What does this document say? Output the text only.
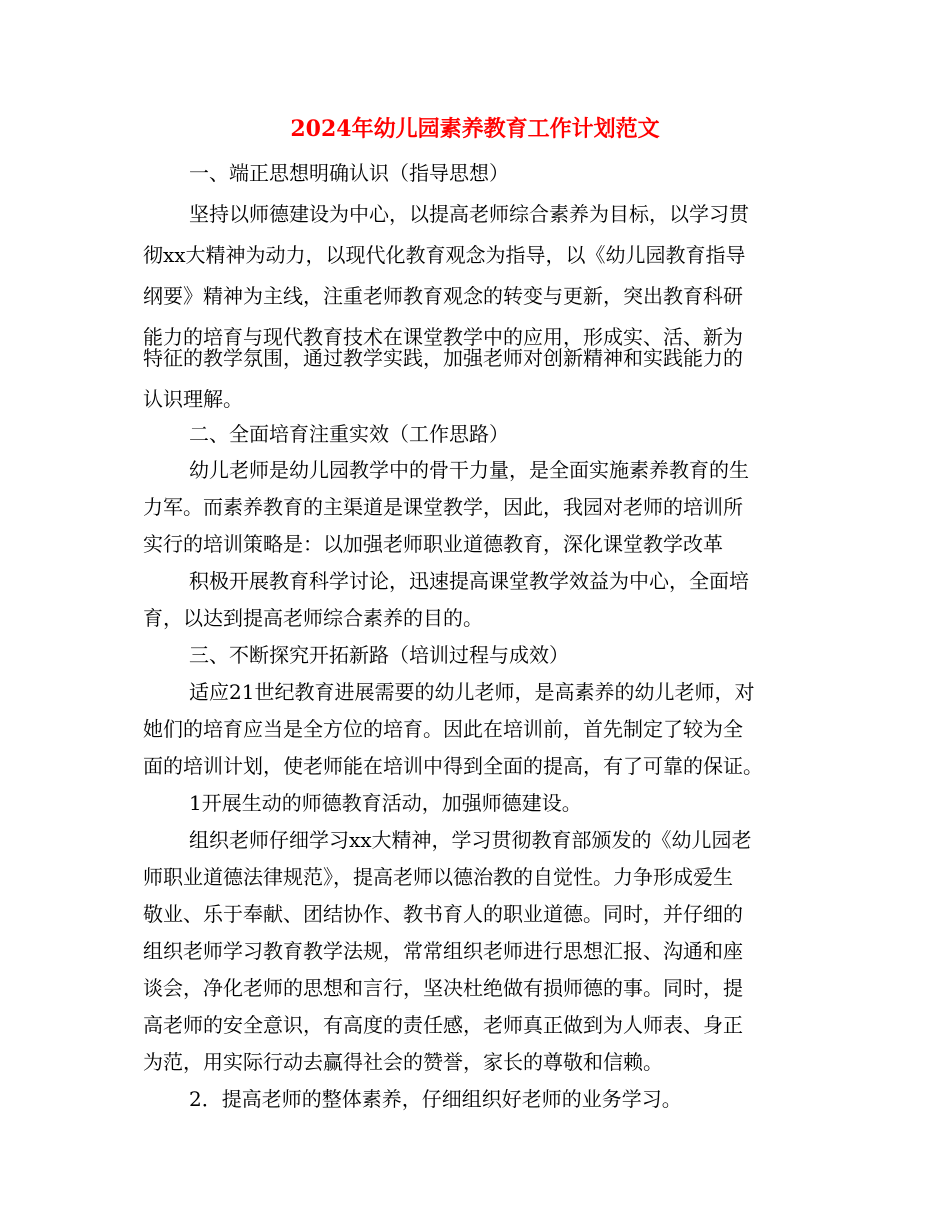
2024年幼儿园素养教育工作计划范文
一、端正思想明确认识（指导思想）
坚持以师德建设为中心，以提高老师综合素养为目标，以学习贯
彻xx大精神为动力，以现代化教育观念为指导，以《幼儿园教育指导
纲要》精神为主线，注重老师教育观念的转变与更新，突出教育科研
能力的培育与现代教育技术在课堂教学中的应用，形成实、活、新为
特征的教学氛围，通过教学实践，加强老师对创新精神和实践能力的
认识理解。
二、全面培育注重实效（工作思路）
幼儿老师是幼儿园教学中的骨干力量，是全面实施素养教育的生
力军。而素养教育的主渠道是课堂教学，因此，我园对老师的培训所
实行的培训策略是：以加强老师职业道德教育，深化课堂教学改革
积极开展教育科学讨论，迅速提高课堂教学效益为中心，全面培
育，以达到提高老师综合素养的目的。
三、不断探究开拓新路（培训过程与成效）
适应21世纪教育进展需要的幼儿老师，是高素养的幼儿老师，对
她们的培育应当是全方位的培育。因此在培训前，首先制定了较为全
面的培训计划，使老师能在培训中得到全面的提高，有了可靠的保证。
1开展生动的师德教育活动，加强师德建设。
组织老师仔细学习xx大精神，学习贯彻教育部颁发的《幼儿园老
师职业道德法律规范》，提高老师以德治教的自觉性。力争形成爱生
敬业、乐于奉献、团结协作、教书育人的职业道德。同时，并仔细的
组织老师学习教育教学法规，常常组织老师进行思想汇报、沟通和座
谈会，净化老师的思想和言行，坚决杜绝做有损师德的事。同时，提
高老师的安全意识，有高度的责任感，老师真正做到为人师表、身正
为范，用实际行动去赢得社会的赞誉，家长的尊敬和信赖。
2．提高老师的整体素养，仔细组织好老师的业务学习。
